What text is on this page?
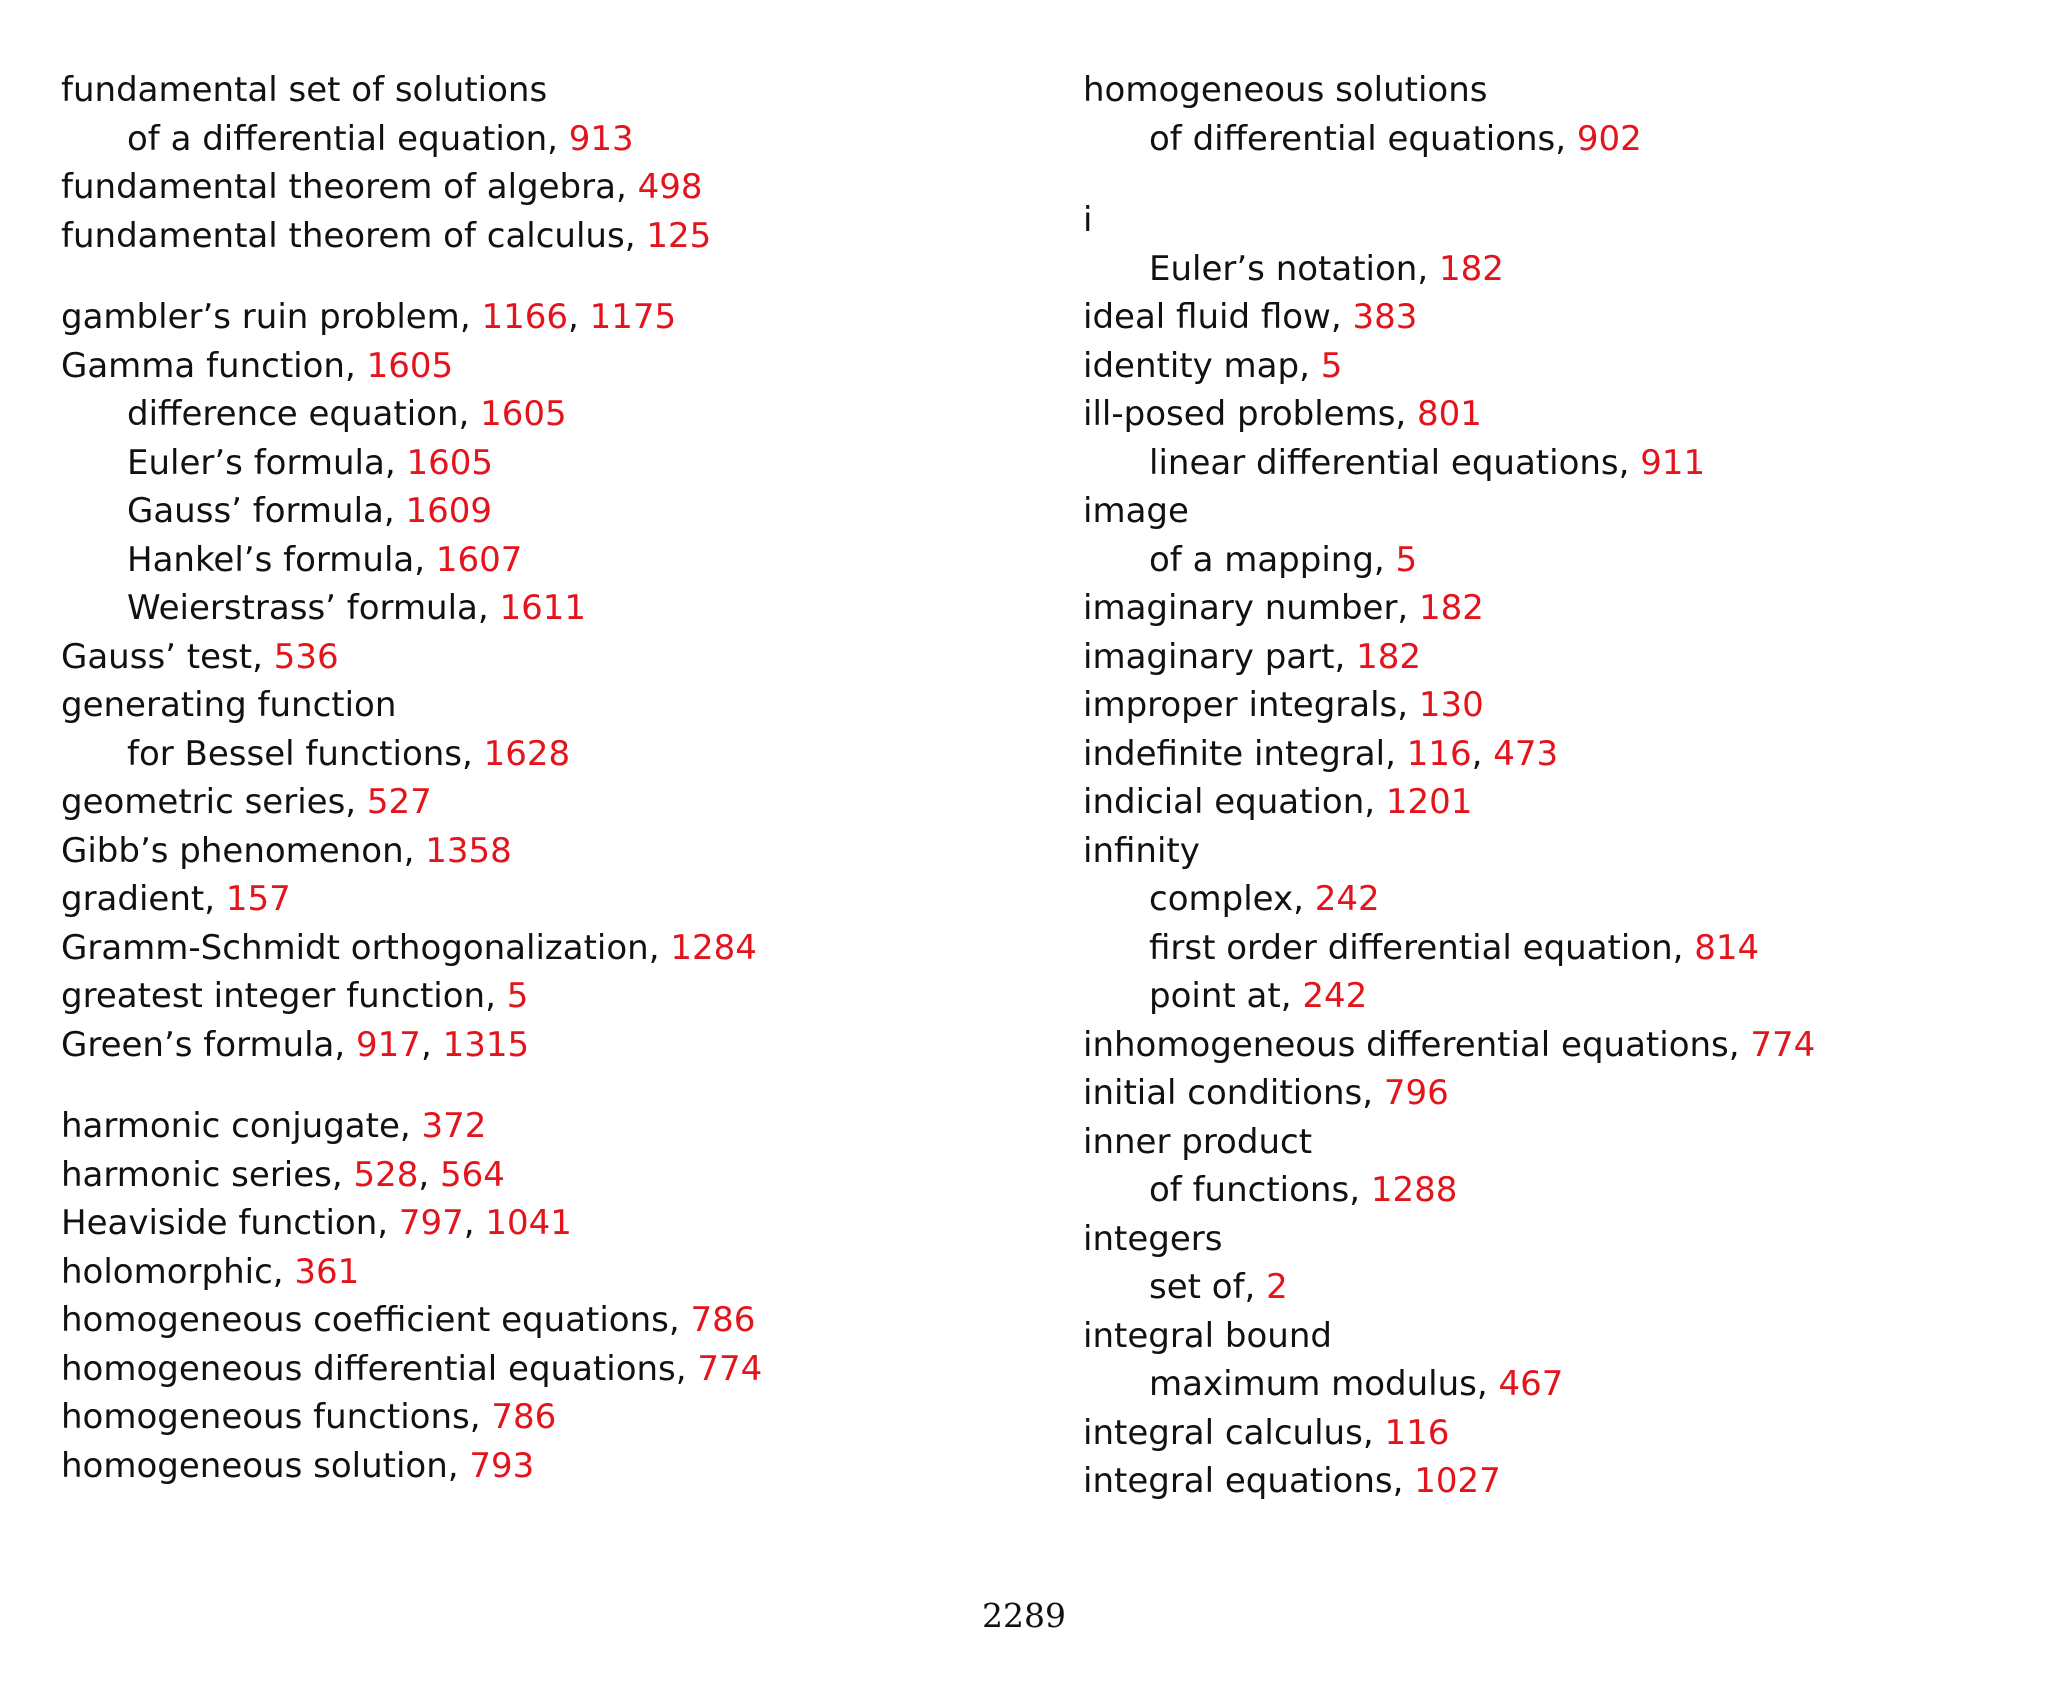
fundamental set of solutions
of a differential equation, 913
fundamental theorem of algebra, 498
fundamental theorem of calculus, 125
gambler’s ruin problem, 1166, 1175
Gamma function, 1605
difference equation, 1605
Euler’s formula, 1605
Gauss’ formula, 1609
Hankel’s formula, 1607
Weierstrass’ formula, 1611
Gauss’ test, 536
generating function
for Bessel functions, 1628
geometric series, 527
Gibb’s phenomenon, 1358
gradient, 157
Gramm-Schmidt orthogonalization, 1284
greatest integer function, 5
Green’s formula, 917, 1315
harmonic conjugate, 372
harmonic series, 528, 564
Heaviside function, 797, 1041
holomorphic, 361
homogeneous coefficient equations, 786
homogeneous differential equations, 774
homogeneous functions, 786
homogeneous solution, 793
homogeneous solutions
of differential equations, 902
i
Euler’s notation, 182
ideal fluid flow, 383
identity map, 5
ill-posed problems, 801
linear differential equations, 911
image
of a mapping, 5
imaginary number, 182
imaginary part, 182
improper integrals, 130
indefinite integral, 116, 473
indicial equation, 1201
infinity
complex, 242
first order differential equation, 814
point at, 242
inhomogeneous differential equations, 774
initial conditions, 796
inner product
of functions, 1288
integers
set of, 2
integral bound
maximum modulus, 467
integral calculus, 116
integral equations, 1027
2289
